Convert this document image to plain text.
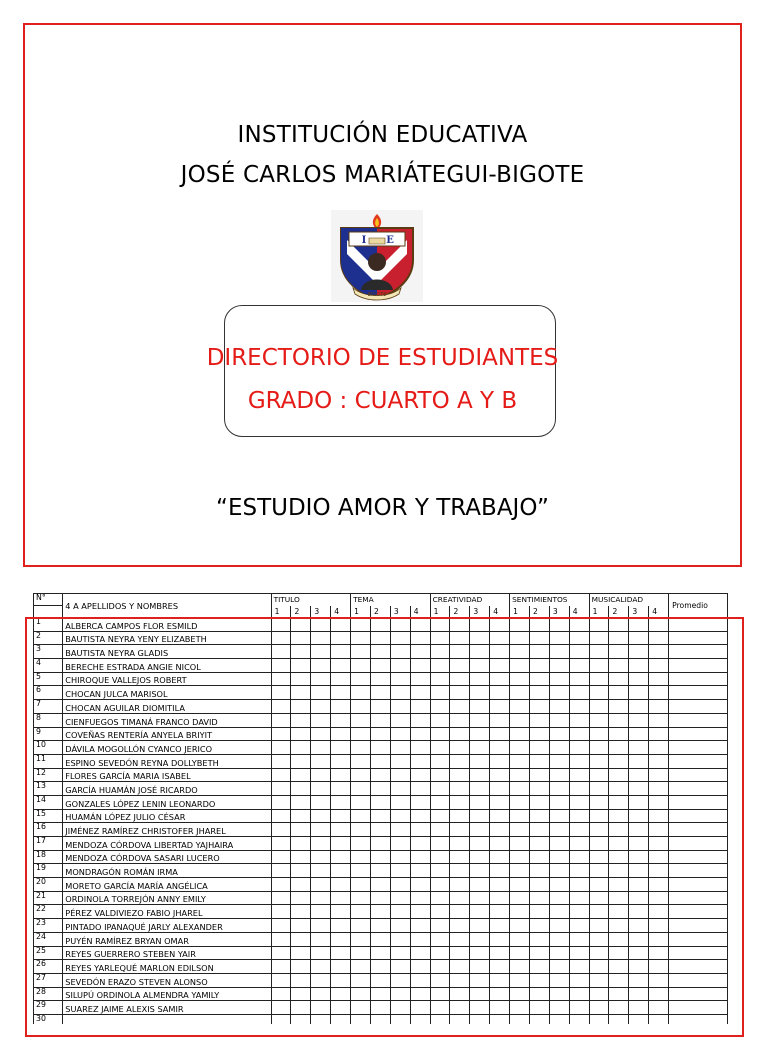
INSTITUCIÓN EDUCATIVA
JOSÉ CARLOS MARIÁTEGUI-BIGOTE
I E
BIGOTE
DIRECTORIO DE ESTUDIANTES
GRADO : CUARTO A Y B
“ESTUDIO AMOR Y TRABAJO”
N°	4 A APELLIDOS Y NOMBRES	TITULO				TEMA				CREATIVIDAD				SENTIMIENTOS				MUSICALIDAD				Promedio
		1	2	3	4	1	2	3	4	1	2	3	4	1	2	3	4	1	2	3	4	
1	ALBERCA CAMPOS FLOR ESMILD																					
2	BAUTISTA NEYRA YENY ELIZABETH																					
3	BAUTISTA NEYRA GLADIS																					
4	BERECHE ESTRADA ANGIE NICOL																					
5	CHIROQUE VALLEJOS ROBERT																					
6	CHOCAN JULCA MARISOL																					
7	CHOCAN AGUILAR DIOMITILA																					
8	CIENFUEGOS TIMANÁ FRANCO DAVID																					
9	COVEÑAS RENTERÍA ANYELA BRIYIT																					
10	DÁVILA MOGOLLÓN CYANCO JERICO																					
11	ESPINO SEVEDÓN REYNA DOLLYBETH																					
12	FLORES GARCÍA MARIA ISABEL																					
13	GARCÍA HUAMÁN JOSÉ RICARDO																					
14	GONZALES LÓPEZ LENIN LEONARDO																					
15	HUAMÁN LÓPEZ JULIO CÉSAR																					
16	JIMÉNEZ RAMÍREZ CHRISTOFER JHAREL																					
17	MENDOZA CÓRDOVA LIBERTAD YAJHAIRA																					
18	MENDOZA CÓRDOVA SASARI LUCERO																					
19	MONDRAGÓN ROMÁN IRMA																					
20	MORETO GARCÍA MARÍA ANGÉLICA																					
21	ORDINOLA TORREJÓN ANNY EMILY																					
22	PÉREZ VALDIVIEZO FABIO JHAREL																					
23	PINTADO IPANAQUÉ JARLY ALEXANDER																					
24	PUYÉN RAMÍREZ BRYAN OMAR																					
25	REYES GUERRERO STEBEN YAIR																					
26	REYES YARLEQUÉ MARLON EDILSON																					
27	SEVEDÓN ERAZO STEVEN ALONSO																					
28	SILUPÚ ORDINOLA ALMENDRA YAMILY																					
29	SUAREZ JAIME ALEXIS SAMIR																					
30																						
